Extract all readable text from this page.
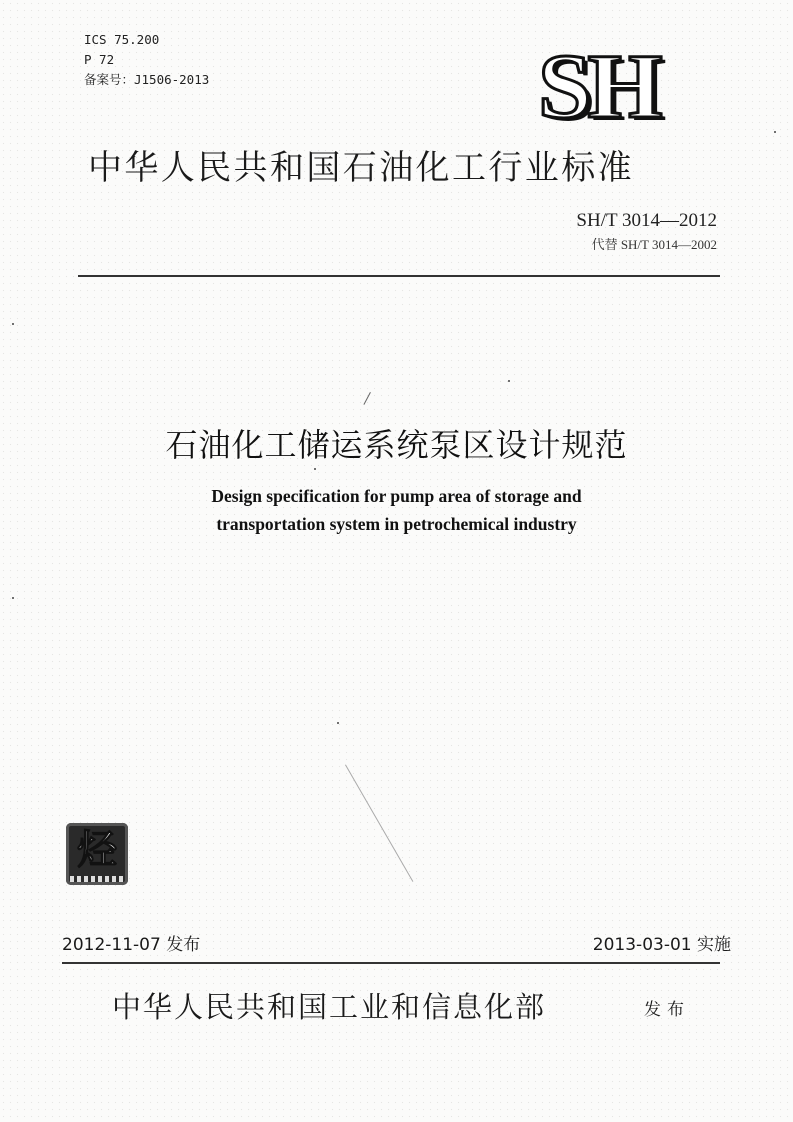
ICS 75.200
P 72
备案号：J1506-2013	SH
中华人民共和国石油化工行业标准
SH/T 3014—2012
代替 SH/T 3014—2002
石油化工储运系统泵区设计规范
Design specification for pump area of storage and
transportation system in petrochemical industry
烃
2012-11-07 发布	2013-03-01 实施
中华人民共和国工业和信息化部	发布
